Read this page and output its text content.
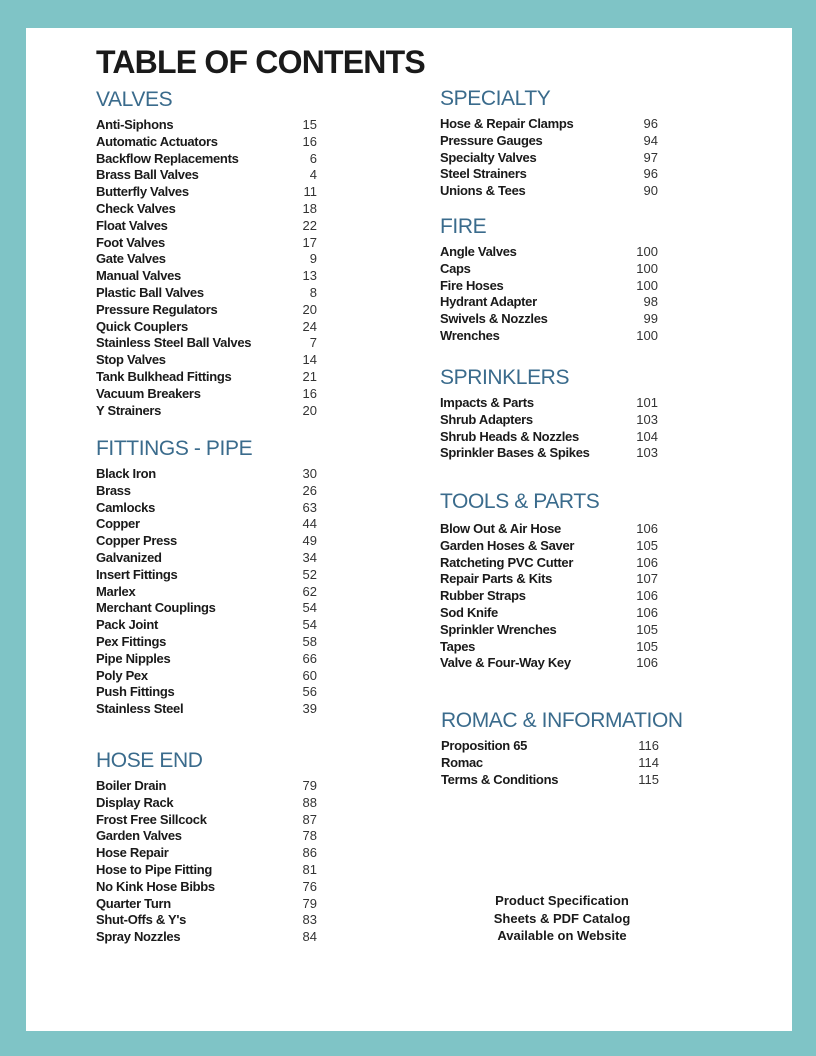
TABLE OF CONTENTS
VALVES
Anti-Siphons	15
Automatic Actuators	16
Backflow Replacements	6
Brass Ball Valves	4
Butterfly Valves	11
Check Valves	18
Float Valves	22
Foot Valves	17
Gate Valves	9
Manual Valves	13
Plastic Ball Valves	8
Pressure Regulators	20
Quick Couplers	24
Stainless Steel Ball Valves	7
Stop Valves	14
Tank Bulkhead Fittings	21
Vacuum Breakers	16
Y Strainers	20
FITTINGS - PIPE
Black Iron	30
Brass	26
Camlocks	63
Copper	44
Copper Press	49
Galvanized	34
Insert Fittings	52
Marlex	62
Merchant Couplings	54
Pack Joint	54
Pex Fittings	58
Pipe Nipples	66
Poly Pex	60
Push Fittings	56
Stainless Steel	39
HOSE END
Boiler Drain	79
Display Rack	88
Frost Free Sillcock	87
Garden Valves	78
Hose Repair	86
Hose to Pipe Fitting	81
No Kink Hose Bibbs	76
Quarter Turn	79
Shut-Offs & Y's	83
Spray Nozzles	84
SPECIALTY
Hose & Repair Clamps	96
Pressure Gauges	94
Specialty Valves	97
Steel Strainers	96
Unions & Tees	90
FIRE
Angle Valves	100
Caps	100
Fire Hoses	100
Hydrant Adapter	98
Swivels & Nozzles	99
Wrenches	100
SPRINKLERS
Impacts & Parts	101
Shrub Adapters	103
Shrub Heads & Nozzles	104
Sprinkler Bases & Spikes	103
TOOLS & PARTS
Blow Out & Air Hose	106
Garden Hoses & Saver	105
Ratcheting PVC Cutter	106
Repair Parts & Kits	107
Rubber Straps	106
Sod Knife	106
Sprinkler Wrenches	105
Tapes	105
Valve & Four-Way Key	106
ROMAC & INFORMATION
Proposition 65	116
Romac	114
Terms & Conditions	115
Product Specification
Sheets & PDF Catalog
Available on Website
